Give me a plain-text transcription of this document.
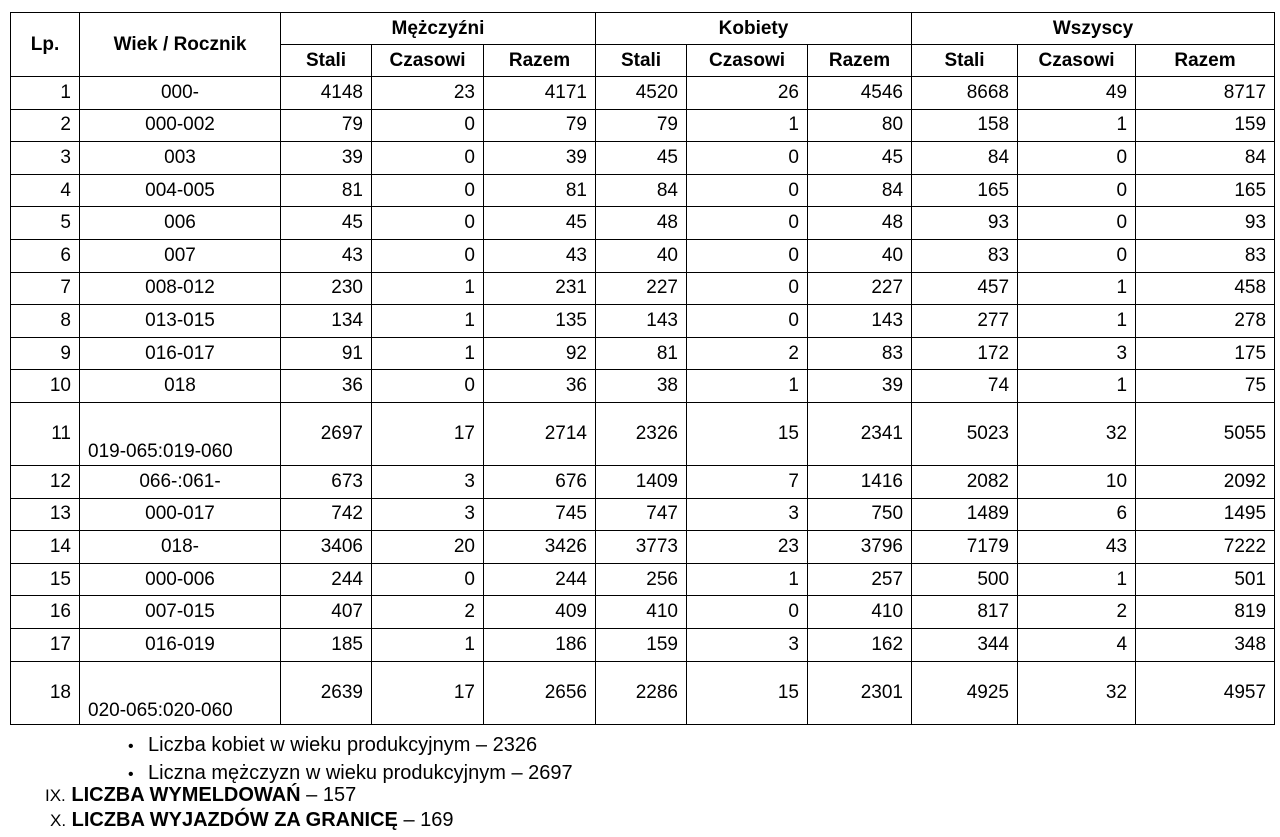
Lp.	Wiek / Rocznik	Mężczyźni			Kobiety			Wszyscy		
		Stali	Czasowi	Razem	Stali	Czasowi	Razem	Stali	Czasowi	Razem
1	000-	4148	23	4171	4520	26	4546	8668	49	8717
2	000-002	79	0	79	79	1	80	158	1	159
3	003	39	0	39	45	0	45	84	0	84
4	004-005	81	0	81	84	0	84	165	0	165
5	006	45	0	45	48	0	48	93	0	93
6	007	43	0	43	40	0	40	83	0	83
7	008-012	230	1	231	227	0	227	457	1	458
8	013-015	134	1	135	143	0	143	277	1	278
9	016-017	91	1	92	81	2	83	172	3	175
10	018	36	0	36	38	1	39	74	1	75
11	019-065:019-060	2697	17	2714	2326	15	2341	5023	32	5055
12	066-:061-	673	3	676	1409	7	1416	2082	10	2092
13	000-017	742	3	745	747	3	750	1489	6	1495
14	018-	3406	20	3426	3773	23	3796	7179	43	7222
15	000-006	244	0	244	256	1	257	500	1	501
16	007-015	407	2	409	410	0	410	817	2	819
17	016-019	185	1	186	159	3	162	344	4	348
18	020-065:020-060	2639	17	2656	2286	15	2301	4925	32	4957
• Liczba kobiet w wieku produkcyjnym – 2326
• Liczna mężczyzn w wieku produkcyjnym – 2697
IX. LICZBA WYMELDOWAŃ – 157
X. LICZBA WYJAZDÓW ZA GRANICĘ – 169
